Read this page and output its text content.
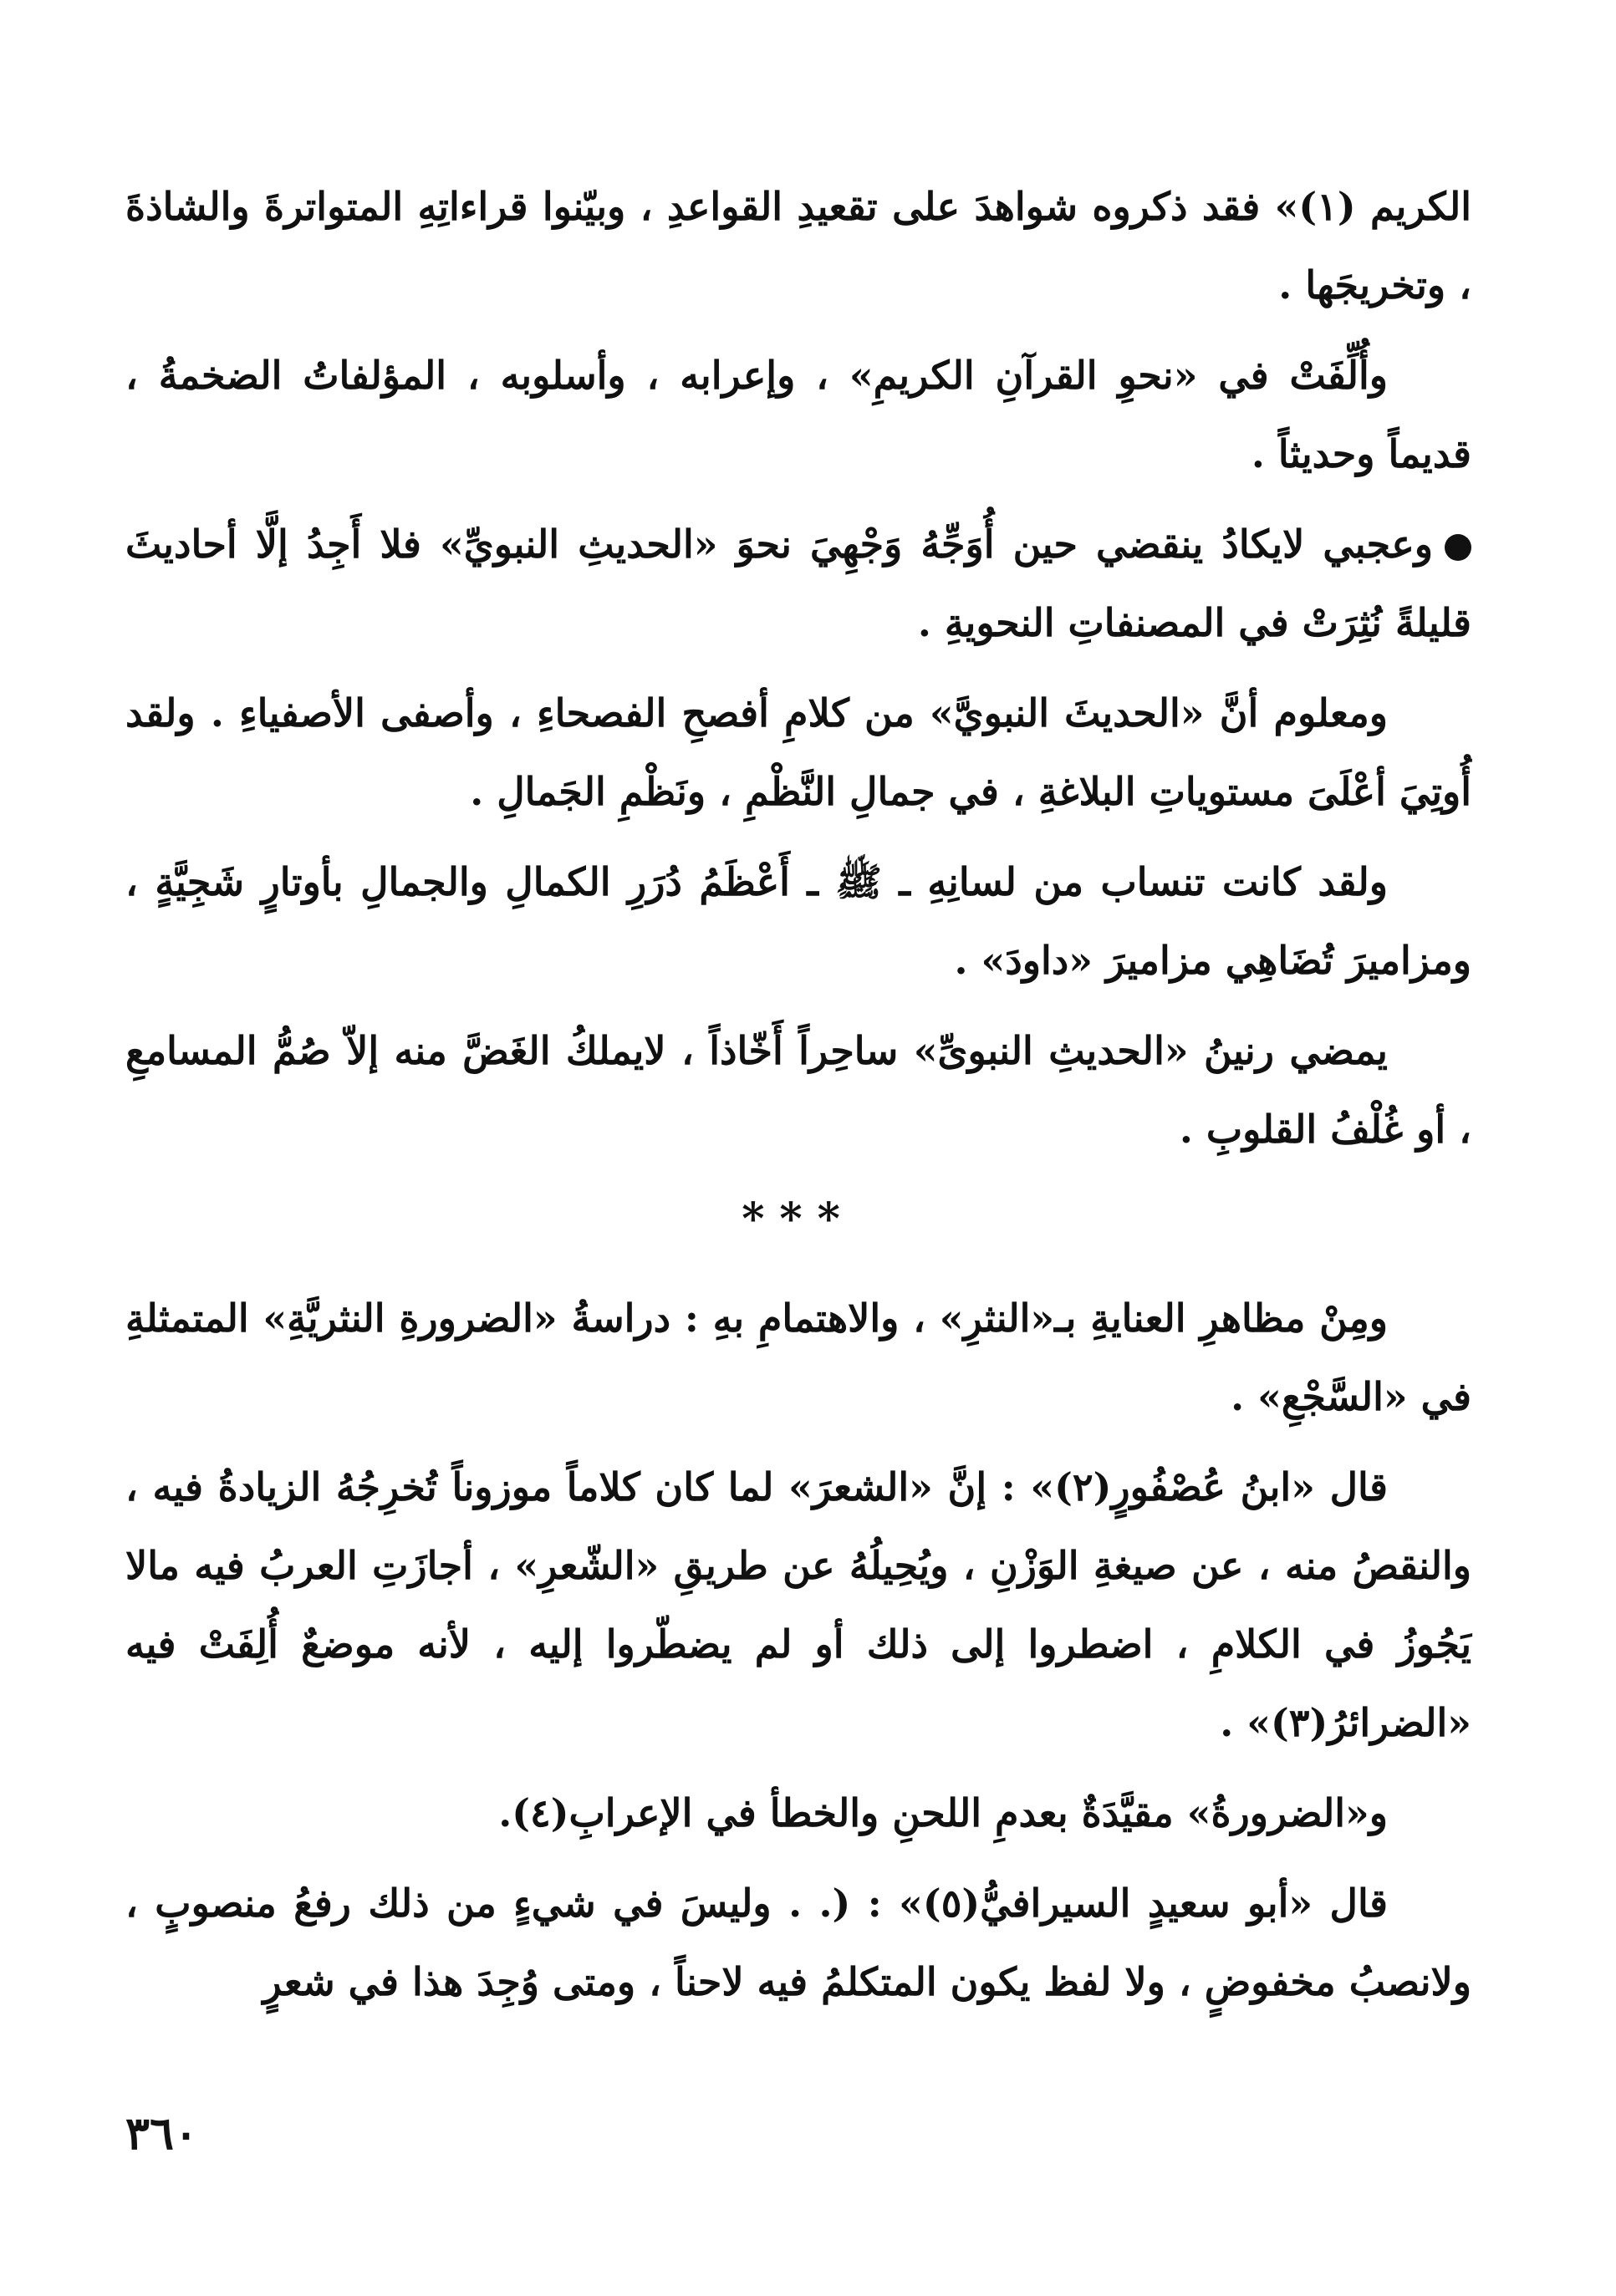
الكريم (١)» فقد ذكروه شواهدَ على تقعيدِ القواعدِ ، وبيّنوا قراءاتِهِ المتواترةَ والشاذةَ ، وتخريجَها .

وأُلِّفَتْ في «نحوِ القرآنِ الكريمِ» ، وإعرابه ، وأسلوبه ، المؤلفاتُ الضخمةُ ، قديماً وحديثاً .

وعجبي لايكادُ ينقضي حين أُوَجِّهُ وَجْهِيَ نحوَ «الحديثِ النبويِّ» فلا أَجِدُ إلَّا أحاديثَ قليلةً نُثِرَتْ في المصنفاتِ النحويةِ .

ومعلوم أنَّ «الحديثَ النبويَّ» من كلامِ أفصحِ الفصحاءِ ، وأصفى الأصفياءِ . ولقد أُوتِيَ أعْلَىَ مستوياتِ البلاغةِ ، في جمالِ النَّظْمِ ، ونَظْمِ الجَمالِ .

ولقد كانت تنساب من لسانِهِ ـ ﷺ ـ أَعْظَمُ دُرَرِ الكمالِ والجمالِ بأوتارٍ شَجِيَّةٍ ، ومزاميرَ تُضَاهِي مزاميرَ «داودَ» .

يمضي رنينُ «الحديثِ النبوىِّ» ساحِراً أَخّاذاً ، لايملكُ الغَضَّ منه إلاّ صُمُّ المسامعِ ، أو غُلْفُ القلوبِ .

***

ومِنْ مظاهرِ العنايةِ بـ«النثرِ» ، والاهتمامِ بهِ : دراسةُ «الضرورةِ النثريَّةِ» المتمثلةِ في «السَّجْعِ» .

قال «ابنُ عُصْفُورٍ(٢)» : إنَّ «الشعرَ» لما كان كلاماً موزوناً تُخرِجُهُ الزيادةُ فيه ، والنقصُ منه ، عن صيغةِ الوَزْنِ ، ويُحِيلُهُ عن طريقِ «الشّعرِ» ، أجازَتِ العربُ فيه مالا يَجُوزُ في الكلامِ ، اضطروا إلى ذلك أو لم يضطّروا إليه ، لأنه موضعٌ أُلِفَتْ فيه «الضرائرُ(٣)» .

و«الضرورةُ» مقيَّدَةٌ بعدمِ اللحنِ والخطأ في الإعرابِ(٤).

قال «أبو سعيدٍ السيرافيُّ(٥)» : (. . وليسَ في شيءٍ من ذلك رفعُ منصوبٍ ، ولانصبُ مخفوضٍ ، ولا لفظ يكون المتكلمُ فيه لاحناً ، ومتى وُجِدَ هذا في شعرٍ

٣٦٠
